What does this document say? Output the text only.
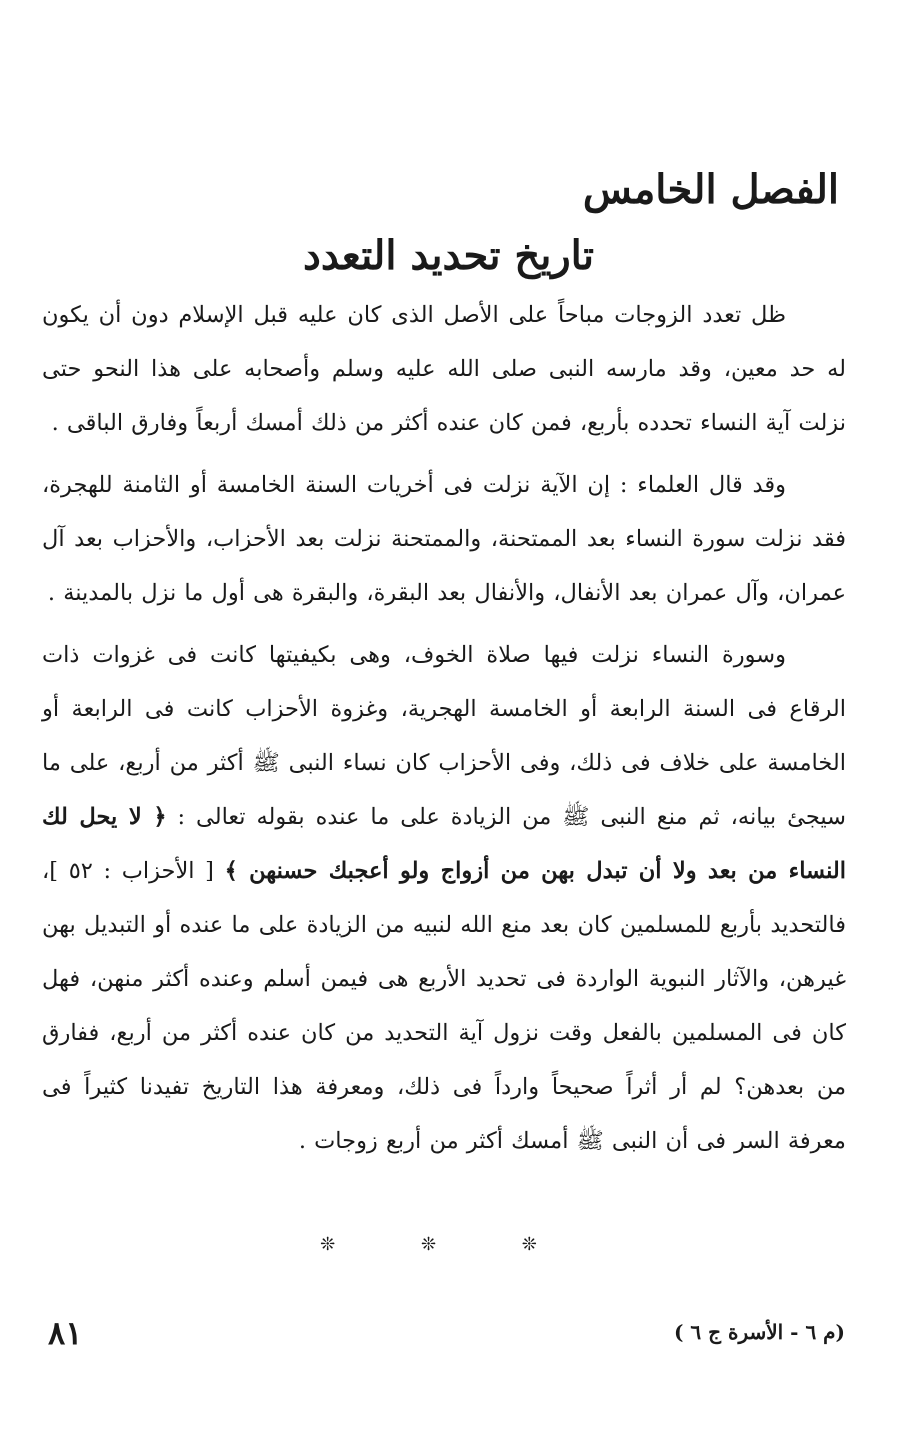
الفصل الخامس
تاريخ تحديد التعدد

ظل تعدد الزوجات مباحاً على الأصل الذى كان عليه قبل الإسلام دون أن يكون له حد معين، وقد مارسه النبى صلى الله عليه وسلم وأصحابه على هذا النحو حتى نزلت آية النساء تحدده بأربع، فمن كان عنده أكثر من ذلك أمسك أربعاً وفارق الباقى .

وقد قال العلماء : إن الآية نزلت فى أخريات السنة الخامسة أو الثامنة للهجرة، فقد نزلت سورة النساء بعد الممتحنة، والممتحنة نزلت بعد الأحزاب، والأحزاب بعد آل عمران، وآل عمران بعد الأنفال، والأنفال بعد البقرة، والبقرة هى أول ما نزل بالمدينة .

وسورة النساء نزلت فيها صلاة الخوف، وهى بكيفيتها كانت فى غزوات ذات الرقاع فى السنة الرابعة أو الخامسة الهجرية، وغزوة الأحزاب كانت فى الرابعة أو الخامسة على خلاف فى ذلك، وفى الأحزاب كان نساء النبى ﷺ أكثر من أربع، على ما سيجئ بيانه، ثم منع النبى ﷺ من الزيادة على ما عنده بقوله تعالى : ﴿ لا يحل لك النساء من بعد ولا أن تبدل بهن من أزواج ولو أعجبك حسنهن ﴾ [ الأحزاب : ٥٢ ]، فالتحديد بأربع للمسلمين كان بعد منع الله لنبيه من الزيادة على ما عنده أو التبديل بهن غيرهن، والآثار النبوية الواردة فى تحديد الأربع هى فيمن أسلم وعنده أكثر منهن، فهل كان فى المسلمين بالفعل وقت نزول آية التحديد من كان عنده أكثر من أربع، ففارق من بعدهن؟ لم أر أثراً صحيحاً وارداً فى ذلك، ومعرفة هذا التاريخ تفيدنا كثيراً فى معرفة السر فى أن النبى ﷺ أمسك أكثر من أربع زوجات .

❊ ❊ ❊
(م ٦ - الأسرة ج ٦ )
٨١
